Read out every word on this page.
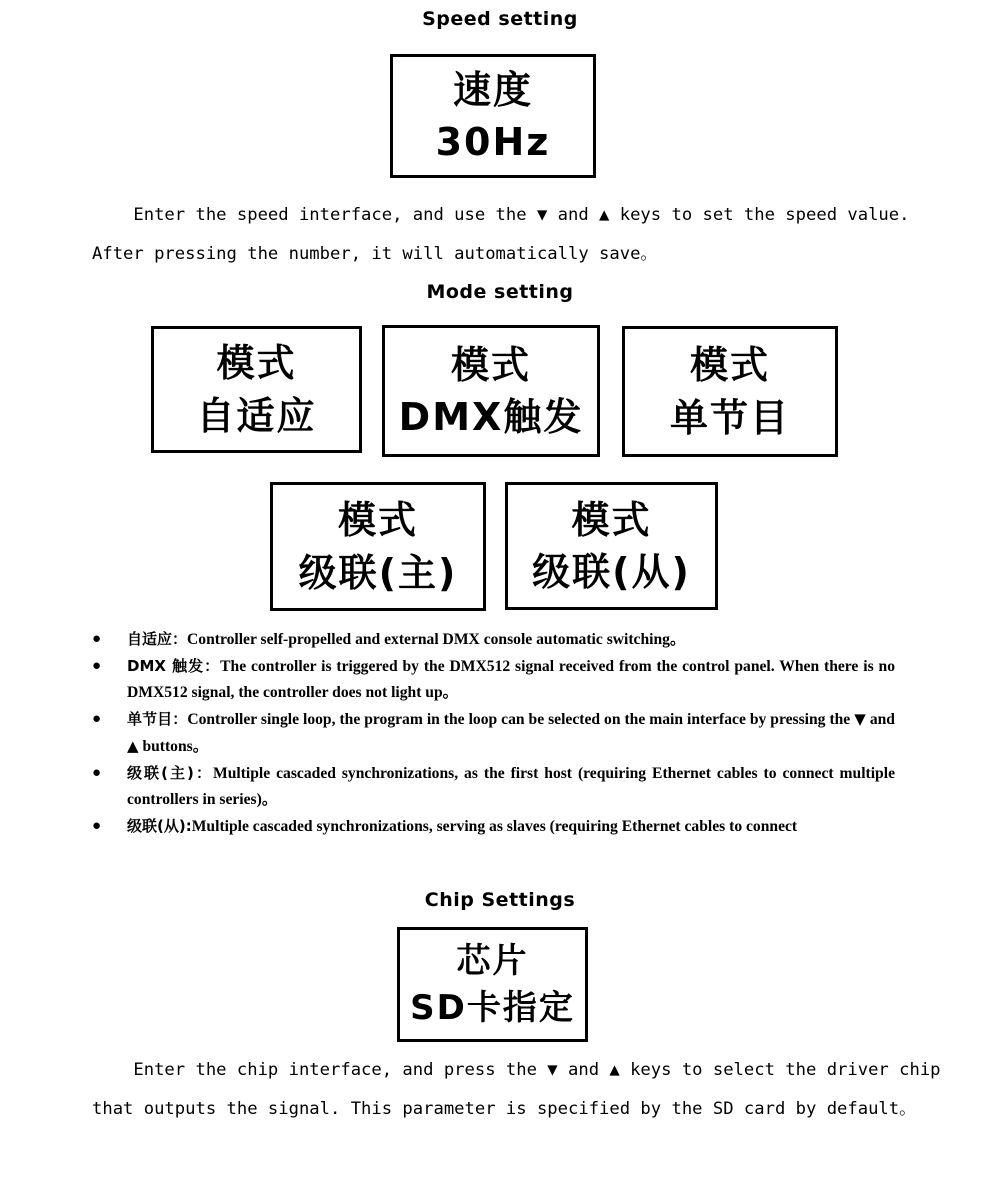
Speed setting
速度
30Hz
Enter the speed interface, and use the ▼ and ▲ keys to set the speed value.
After pressing the number, it will automatically save。
Mode setting
模式
自适应
模式
DMX触发
模式
单节目
模式
级联(主)
模式
级联(从)
● 自适应：Controller self-propelled and external DMX console automatic switching。
● DMX 触发：The controller is triggered by the DMX512 signal received from the control panel. When there is no DMX512 signal, the controller does not light up。
● 单节目：Controller single loop, the program in the loop can be selected on the main interface by pressing the ▼ and ▲ buttons。
● 级联(主)：Multiple cascaded synchronizations, as the first host (requiring Ethernet cables to connect multiple controllers in series)。
● 级联(从):Multiple cascaded synchronizations, serving as slaves (requiring Ethernet cables to connect
Chip Settings
芯片
SD卡指定
Enter the chip interface, and press the ▼ and ▲ keys to select the driver chip
that outputs the signal. This parameter is specified by the SD card by default。
